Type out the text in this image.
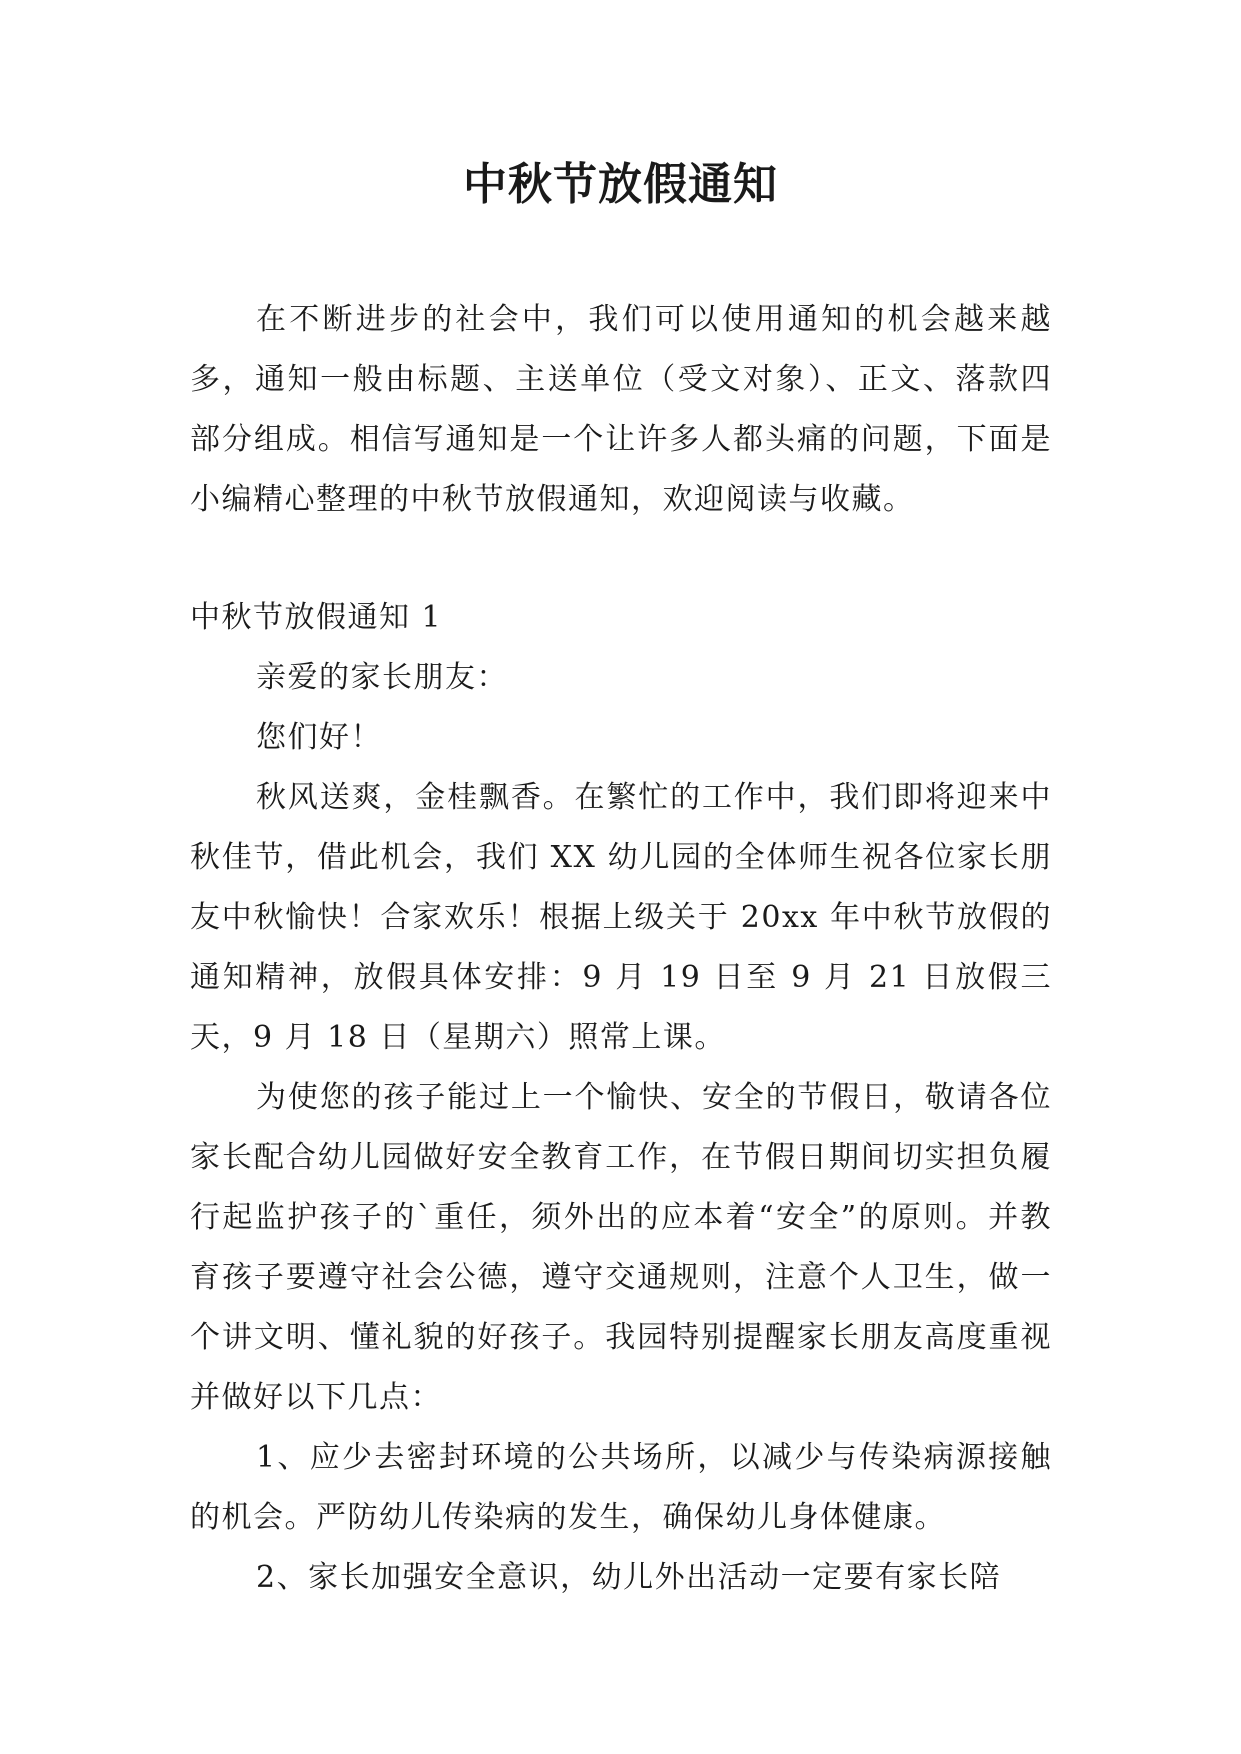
中秋节放假通知

在不断进步的社会中，我们可以使用通知的机会越来越多，通知一般由标题、主送单位（受文对象）、正文、落款四部分组成。相信写通知是一个让许多人都头痛的问题，下面是小编精心整理的中秋节放假通知，欢迎阅读与收藏。

中秋节放假通知 1

亲爱的家长朋友：

您们好！

秋风送爽，金桂飘香。在繁忙的工作中，我们即将迎来中秋佳节，借此机会，我们 XX 幼儿园的全体师生祝各位家长朋友中秋愉快！合家欢乐！根据上级关于 20xx 年中秋节放假的通知精神，放假具体安排：9 月 19 日至 9 月 21 日放假三天，9 月 18 日（星期六）照常上课。

为使您的孩子能过上一个愉快、安全的节假日，敬请各位家长配合幼儿园做好安全教育工作，在节假日期间切实担负履行起监护孩子的`重任，须外出的应本着“安全”的原则。并教育孩子要遵守社会公德，遵守交通规则，注意个人卫生，做一个讲文明、懂礼貌的好孩子。我园特别提醒家长朋友高度重视并做好以下几点：

1、应少去密封环境的公共场所，以减少与传染病源接触的机会。严防幼儿传染病的发生，确保幼儿身体健康。

2、家长加强安全意识，幼儿外出活动一定要有家长陪
